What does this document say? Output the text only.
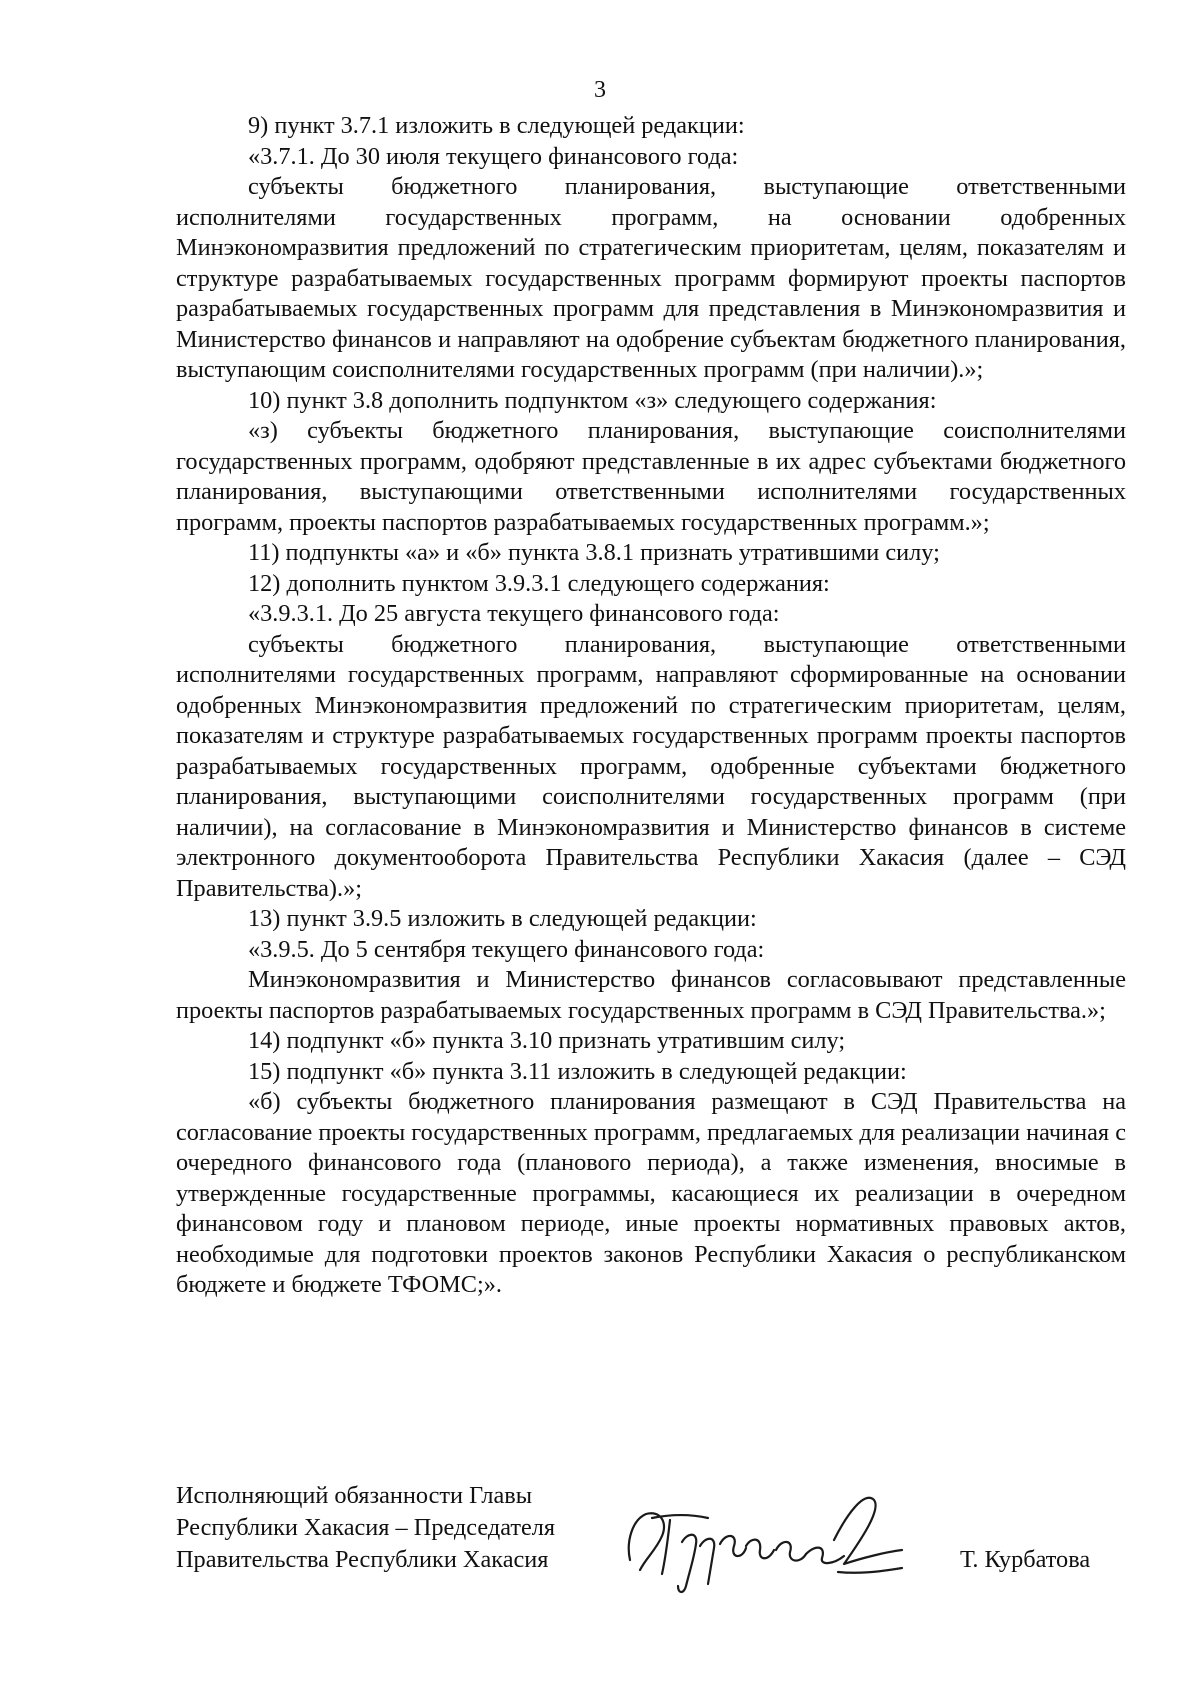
3

9) пункт 3.7.1 изложить в следующей редакции:

«3.7.1. До 30 июля текущего финансового года:

субъекты бюджетного планирования, выступающие ответственными исполнителями государственных программ, на основании одобренных Минэкономразвития предложений по стратегическим приоритетам, целям, показателям и структуре разрабатываемых государственных программ формируют проекты паспортов разрабатываемых государственных программ для представления в Минэкономразвития и Министерство финансов и направляют на одобрение субъектам бюджетного планирования, выступающим соисполнителями государственных программ (при наличии).»;

10) пункт 3.8 дополнить подпунктом «з» следующего содержания:

«з) субъекты бюджетного планирования, выступающие соисполнителями государственных программ, одобряют представленные в их адрес субъектами бюджетного планирования, выступающими ответственными исполнителями государственных программ, проекты паспортов разрабатываемых государственных программ.»;

11) подпункты «а» и «б» пункта 3.8.1 признать утратившими силу;

12) дополнить пунктом 3.9.3.1 следующего содержания:

«3.9.3.1. До 25 августа текущего финансового года:

субъекты бюджетного планирования, выступающие ответственными исполнителями государственных программ, направляют сформированные на основании одобренных Минэкономразвития предложений по стратегическим приоритетам, целям, показателям и структуре разрабатываемых государственных программ проекты паспортов разрабатываемых государственных программ, одобренные субъектами бюджетного планирования, выступающими соисполнителями государственных программ (при наличии), на согласование в Минэкономразвития и Министерство финансов в системе электронного документооборота Правительства Республики Хакасия (далее – СЭД Правительства).»;

13) пункт 3.9.5 изложить в следующей редакции:

«3.9.5. До 5 сентября текущего финансового года:

Минэкономразвития и Министерство финансов согласовывают представленные проекты паспортов разрабатываемых государственных программ в СЭД Правительства.»;

14) подпункт «б» пункта 3.10 признать утратившим силу;

15) подпункт «б» пункта 3.11 изложить в следующей редакции:

«б) субъекты бюджетного планирования размещают в СЭД Правительства на согласование проекты государственных программ, предлагаемых для реализации начиная с очередного финансового года (планового периода), а также изменения, вносимые в утвержденные государственные программы, касающиеся их реализации в очередном финансовом году и плановом периоде, иные проекты нормативных правовых актов, необходимые для подготовки проектов законов Республики Хакасия о республиканском бюджете и бюджете ТФОМС;».

Исполняющий обязанности Главы
Республики Хакасия – Председателя
Правительства Республики Хакасия	Т. Курбатова
